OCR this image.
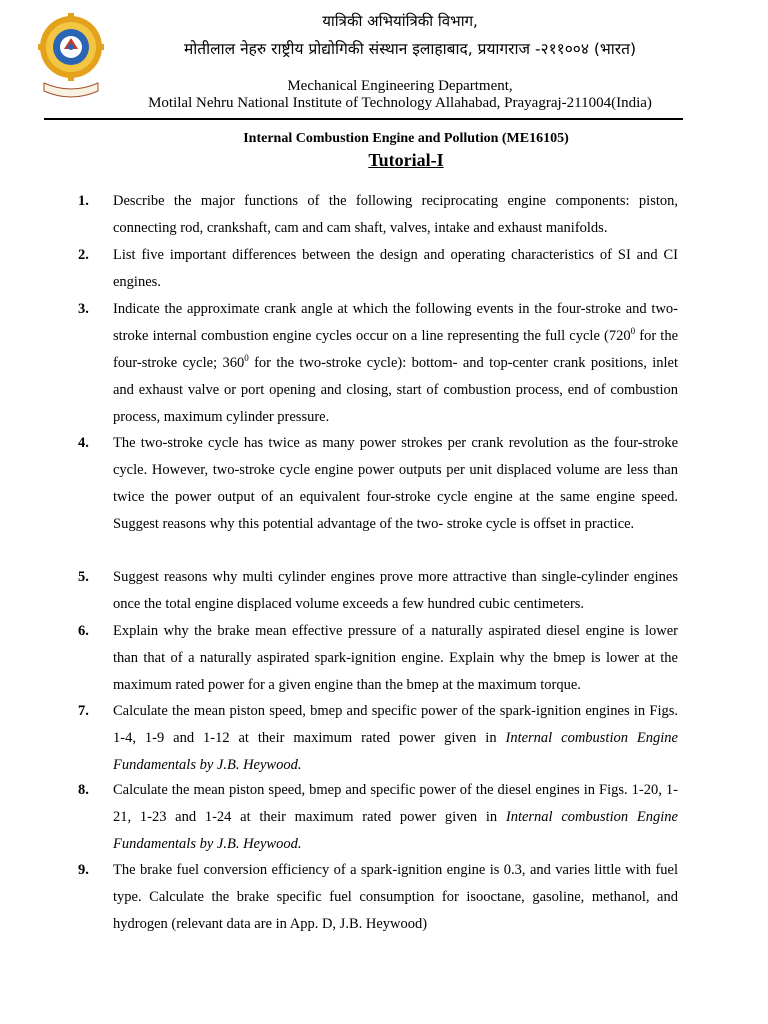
यात्रिकी अभियांत्रिकी विभाग,
मोतीलाल नेहरु राष्ट्रीय प्रोद्योगिकी संस्थान इलाहाबाद, प्रयागराज -२११००४ (भारत)
Mechanical Engineering Department,
Motilal Nehru National Institute of Technology Allahabad, Prayagraj-211004(India)
Internal Combustion Engine and Pollution (ME16105)
Tutorial-I
1.	Describe the major functions of the following reciprocating engine components: piston, connecting rod, crankshaft, cam and cam shaft, valves, intake and exhaust manifolds.
2.	List five important differences between the design and operating characteristics of SI and CI engines.
3.	Indicate the approximate crank angle at which the following events in the four-stroke and two-stroke internal combustion engine cycles occur on a line representing the full cycle ($720^0$ for the four-stroke cycle; $360^0$ for the two-stroke cycle): bottom- and top-center crank positions, inlet and exhaust valve or port opening and closing, start of combustion process, end of combustion process, maximum cylinder pressure.
4.	The two-stroke cycle has twice as many power strokes per crank revolution as the four-stroke cycle. However, two-stroke cycle engine power outputs per unit displaced volume are less than twice the power output of an equivalent four-stroke cycle engine at the same engine speed. Suggest reasons why this potential advantage of the two- stroke cycle is offset in practice.
5.	Suggest reasons why multi cylinder engines prove more attractive than single-cylinder engines once the total engine displaced volume exceeds a few hundred cubic centimeters.
6.	Explain why the brake mean effective pressure of a naturally aspirated diesel engine is lower than that of a naturally aspirated spark-ignition engine. Explain why the bmep is lower at the maximum rated power for a given engine than the bmep at the maximum torque.
7.	Calculate the mean piston speed, bmep and specific power of the spark-ignition engines in Figs. 1-4, 1-9 and 1-12 at their maximum rated power given in Internal combustion Engine Fundamentals by J.B. Heywood.
8.	Calculate the mean piston speed, bmep and specific power of the diesel engines in Figs. 1-20, 1-21, 1-23 and 1-24 at their maximum rated power given in Internal combustion Engine Fundamentals by J.B. Heywood.
9.	The brake fuel conversion efficiency of a spark-ignition engine is 0.3, and varies little with fuel type. Calculate the brake specific fuel consumption for isooctane, gasoline, methanol, and hydrogen (relevant data are in App. D, J.B. Heywood)
